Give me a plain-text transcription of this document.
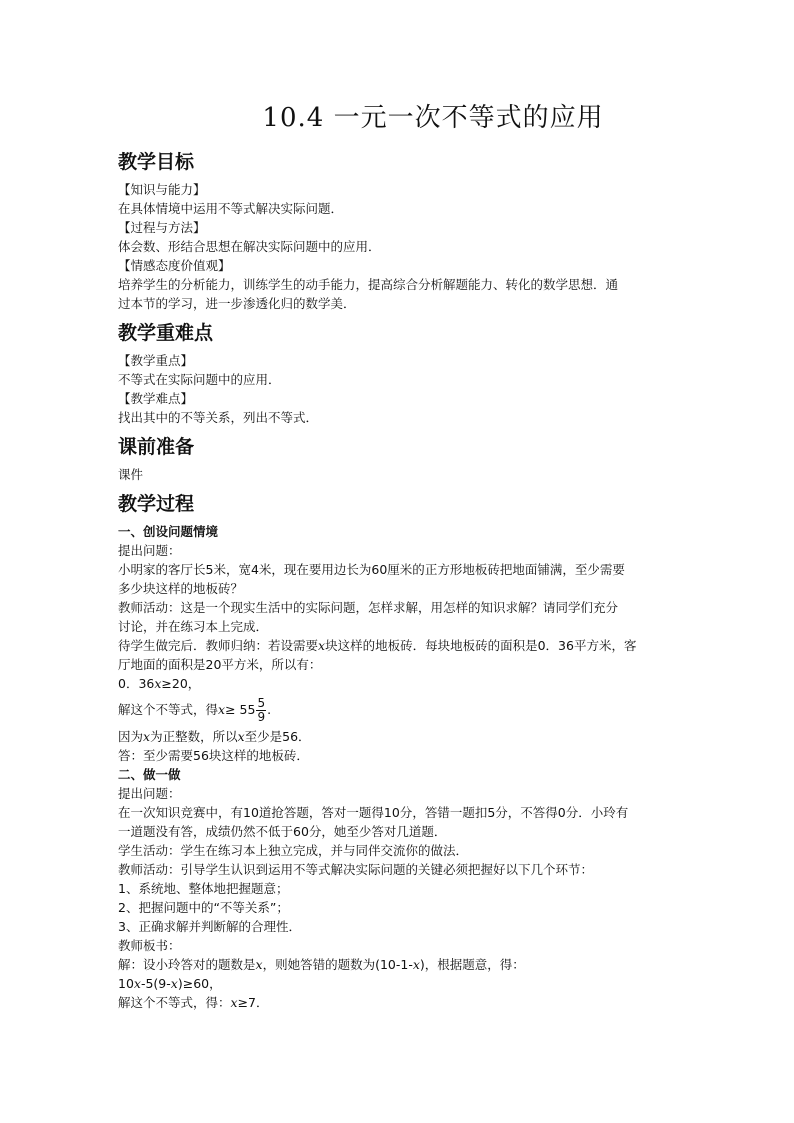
10.4 一元一次不等式的应用
教学目标

【知识与能力】

在具体情境中运用不等式解决实际问题．

【过程与方法】

体会数、形结合思想在解决实际问题中的应用．

【情感态度价值观】

培养学生的分析能力，训练学生的动手能力，提高综合分析解题能力、转化的数学思想．通

过本节的学习，进一步渗透化归的数学美．

教学重难点

【教学重点】

不等式在实际问题中的应用．

【教学难点】

找出其中的不等关系，列出不等式．

课前准备

课件

教学过程

一、创设问题情境

提出问题：

小明家的客厅长5米，宽4米，现在要用边长为60厘米的正方形地板砖把地面铺满，至少需要

多少块这样的地板砖？

教师活动：这是一个现实生活中的实际问题，怎样求解，用怎样的知识求解？请同学们充分

讨论，并在练习本上完成．

待学生做完后．教师归纳：若设需要x块这样的地板砖．每块地板砖的面积是0．36平方米，客

厅地面的面积是20平方米，所以有：

0．36x≥20，

解这个不等式，得$x\ge 55 \frac{5}{9}$ .

因为x为正整数，所以x至少是56．

答：至少需要56块这样的地板砖．

二、做一做

提出问题：

在一次知识竞赛中，有10道抢答题，答对一题得10分，答错一题扣5分，不答得0分．小玲有

一道题没有答，成绩仍然不低于60分，她至少答对几道题．

学生活动：学生在练习本上独立完成，并与同伴交流你的做法．

教师活动：引导学生认识到运用不等式解决实际问题的关键必须把握好以下几个环节：

1、系统地、整体地把握题意；

2、把握问题中的“不等关系”；

3、正确求解并判断解的合理性．

教师板书：

解：设小玲答对的题数是x，则她答错的题数为(10-1-x)，根据题意，得：

10x-5(9-x)≥60，

解这个不等式，得：x≥7．
